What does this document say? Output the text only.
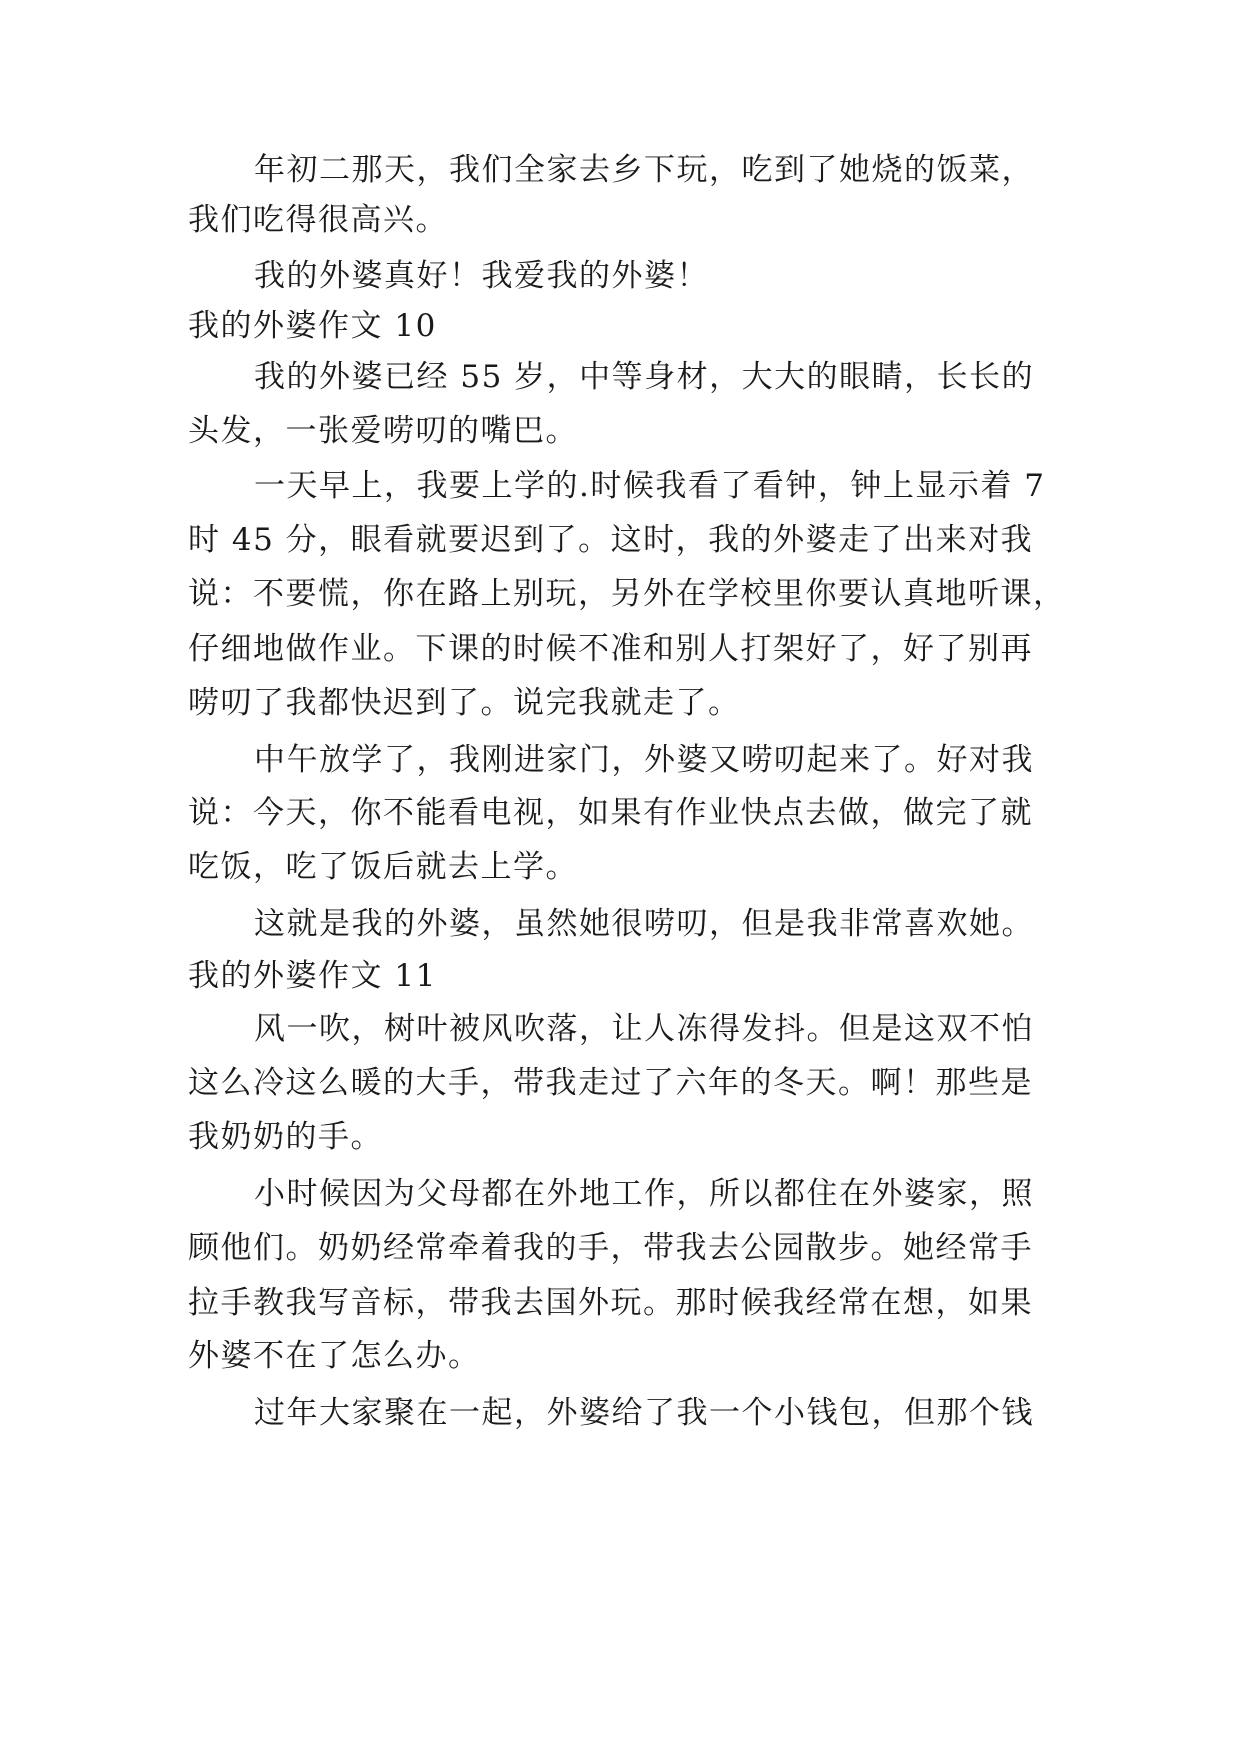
年初二那天，我们全家去乡下玩，吃到了她烧的饭菜，
我们吃得很高兴。
我的外婆真好！我爱我的外婆！
我的外婆作文 10
我的外婆已经 55 岁，中等身材，大大的眼睛，长长的
头发，一张爱唠叨的嘴巴。
一天早上，我要上学的.时候我看了看钟，钟上显示着 7
时 45 分，眼看就要迟到了。这时，我的外婆走了出来对我
说：不要慌，你在路上别玩，另外在学校里你要认真地听课，
仔细地做作业。下课的时候不准和别人打架好了，好了别再
唠叨了我都快迟到了。说完我就走了。
中午放学了，我刚进家门，外婆又唠叨起来了。好对我
说：今天，你不能看电视，如果有作业快点去做，做完了就
吃饭，吃了饭后就去上学。
这就是我的外婆，虽然她很唠叨，但是我非常喜欢她。
我的外婆作文 11
风一吹，树叶被风吹落，让人冻得发抖。但是这双不怕
这么冷这么暖的大手，带我走过了六年的冬天。啊！那些是
我奶奶的手。
小时候因为父母都在外地工作，所以都住在外婆家，照
顾他们。奶奶经常牵着我的手，带我去公园散步。她经常手
拉手教我写音标，带我去国外玩。那时候我经常在想，如果
外婆不在了怎么办。
过年大家聚在一起，外婆给了我一个小钱包，但那个钱
